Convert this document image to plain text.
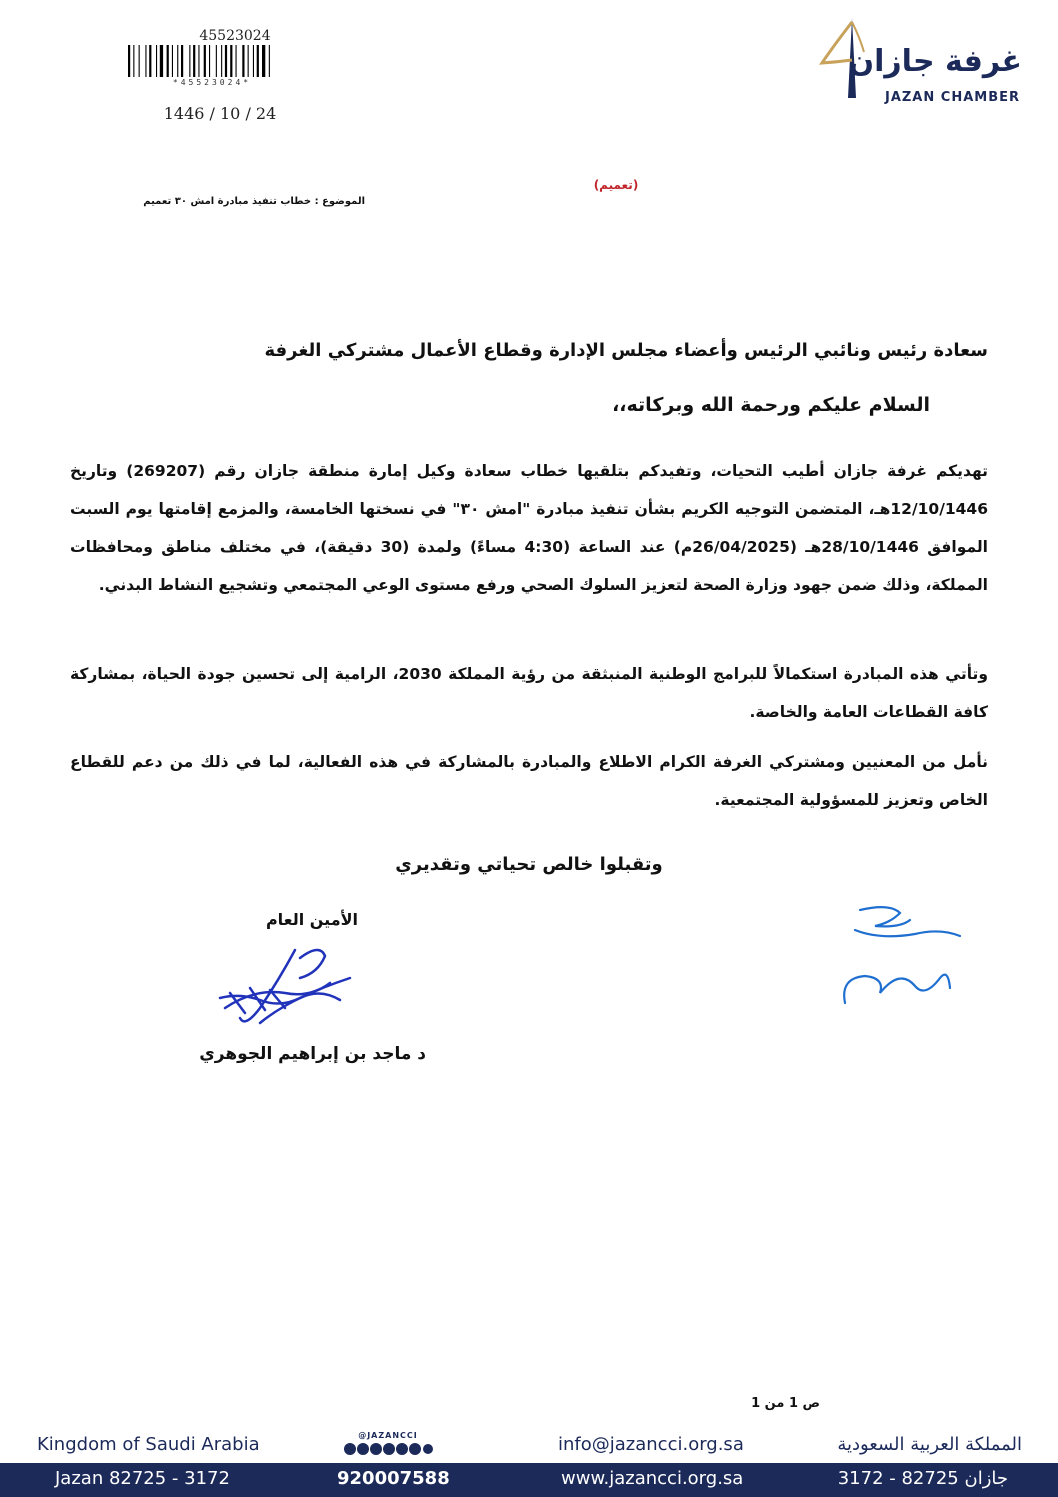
45523024
*45523024*
1446 / 10 / 24
غرفة جازان
JAZAN CHAMBER
(تعميم)
الموضوع : خطاب تنفيذ مبادرة امش ٣٠ تعميم
سعادة رئيس ونائبي الرئيس وأعضاء مجلس الإدارة وقطاع الأعمال مشتركي الغرفة
السلام عليكم ورحمة الله وبركاته،،
تهديكم غرفة جازان أطيب التحيات، وتفيدكم بتلقيها خطاب سعادة وكيل إمارة منطقة جازان رقم (269207) وتاريخ 12/10/1446هـ، المتضمن التوجيه الكريم بشأن تنفيذ مبادرة "امش ٣٠" في نسختها الخامسة، والمزمع إقامتها يوم السبت الموافق 28/10/1446هـ (26/04/2025م) عند الساعة (4:30 مساءً) ولمدة (30 دقيقة)، في مختلف مناطق ومحافظات المملكة، وذلك ضمن جهود وزارة الصحة لتعزيز السلوك الصحي ورفع مستوى الوعي المجتمعي وتشجيع النشاط البدني.
وتأتي هذه المبادرة استكمالاً للبرامج الوطنية المنبثقة من رؤية المملكة 2030، الرامية إلى تحسين جودة الحياة، بمشاركة كافة القطاعات العامة والخاصة.
نأمل من المعنيين ومشتركي الغرفة الكرام الاطلاع والمبادرة بالمشاركة في هذه الفعالية، لما في ذلك من دعم للقطاع الخاص وتعزيز للمسؤولية المجتمعية.
وتقبلوا خالص تحياتي وتقديري
الأمين العام
د ماجد بن إبراهيم الجوهري
ص 1 من 1
Kingdom of Saudi Arabia	info@jazancci.org.sa	المملكة العربية السعودية
@JAZANCCI
Jazan 82725 - 3172	920007588	www.jazancci.org.sa	جازان 82725 - 3172
